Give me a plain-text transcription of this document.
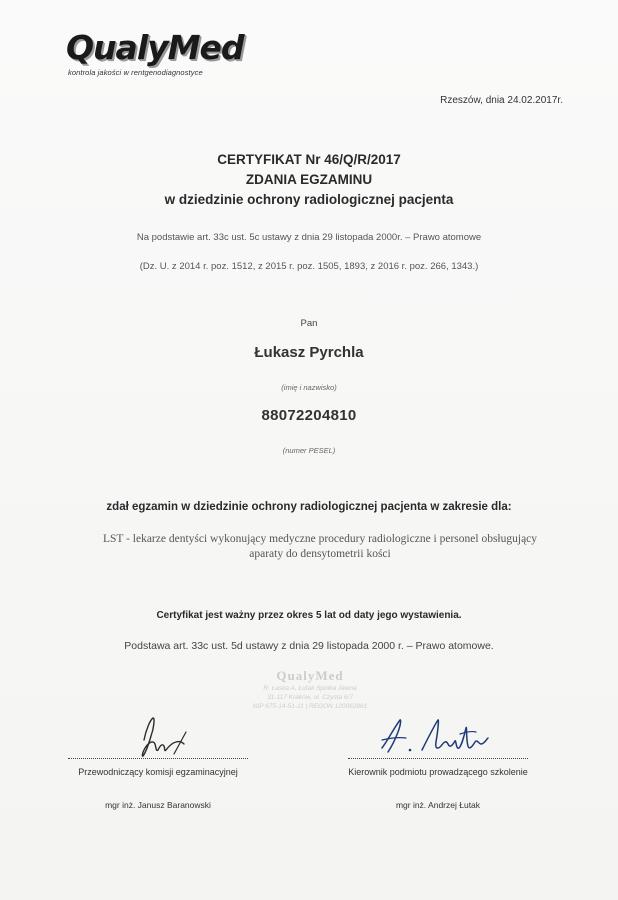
QualyMed
kontrola jakości w rentgenodiagnostyce
Rzeszów, dnia 24.02.2017r.
CERTYFIKAT Nr 46/Q/R/2017
ZDANIA EGZAMINU
w dziedzinie ochrony radiologicznej pacjenta
Na podstawie art. 33c ust. 5c ustawy z dnia 29 listopada 2000r. – Prawo atomowe
(Dz. U. z 2014 r. poz. 1512, z 2015 r. poz. 1505, 1893, z 2016 r. poz. 266, 1343.)
Pan
Łukasz Pyrchla
(imię i nazwisko)
88072204810
(numer PESEL)
zdał egzamin w dziedzinie ochrony radiologicznej pacjenta w zakresie dla:
LST - lekarze dentyści wykonujący medyczne procedury radiologiczne i personel obsługujący aparaty do densytometrii kości
Certyfikat jest ważny przez okres 5 lat od daty jego wystawienia.
Podstawa art. 33c ust. 5d ustawy z dnia 29 listopada 2000 r. – Prawo atomowe.
QualyMed
R. Łaska A. Łutak Spółka Jawna
31-117 Kraków, ul. Czysta 6/7
NIP 675-14-51-11 | REGON 120062861
Przewodniczący komisji egzaminacyjnej
mgr inż. Janusz Baranowski
Kierownik podmiotu prowadzącego szkolenie
mgr inż. Andrzej Łutak
